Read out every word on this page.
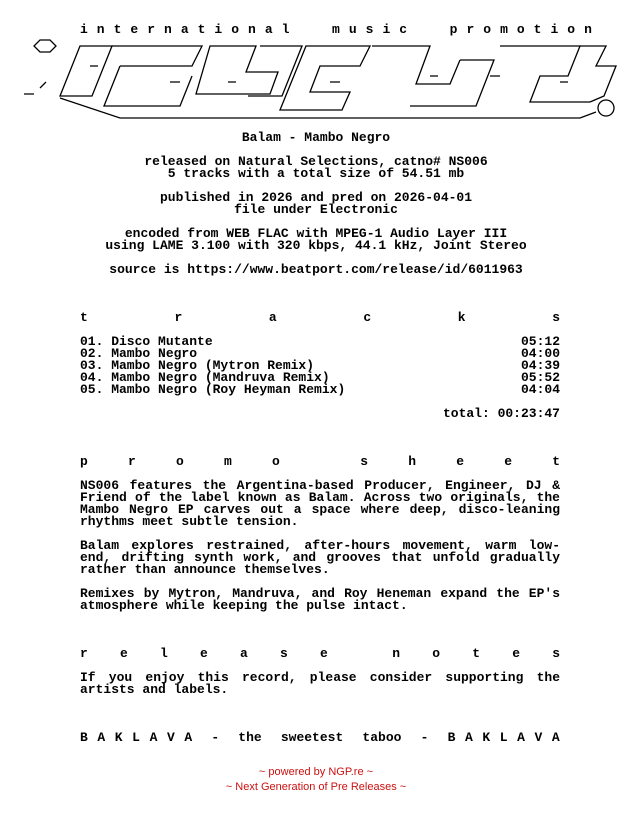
i n t e r n a t i o n a l     m u s i c     p r o m o t i o n
baklava
Balam - Mambo Negro
released on Natural Selections, catno# NS006
5 tracks with a total size of 54.51 mb
published in 2026 and pred on 2026-04-01
file under Electronic
encoded from WEB FLAC with MPEG-1 Audio Layer III
using LAME 3.100 with 320 kbps, 44.1 kHz, Joint Stereo
source is https://www.beatport.com/release/id/6011963
t	r	a	c	k	s
01. Disco Mutante	05:12
02. Mambo Negro	04:00
03. Mambo Negro (Mytron Remix)	04:39
04. Mambo Negro (Mandruva Remix)	05:52
05. Mambo Negro (Roy Heyman Remix)	04:04
total: 00:23:47
p	r	o	m	o	s	h	e	e	t
NS006 features the Argentina-based Producer, Engineer, DJ & Friend of the label known as Balam. Across two originals, the Mambo Negro EP carves out a space where deep, disco-leaning rhythms meet subtle tension.
Balam explores restrained, after-hours movement, warm low-end, drifting synth work, and grooves that unfold gradually rather than announce themselves.
Remixes by Mytron, Mandruva, and Roy Heneman expand the EP's atmosphere while keeping the pulse intact.
r e l e a s e	n o t e s
If you enjoy this record, please consider supporting the artists and labels.
B A K L A V A - the sweetest taboo - B A K L A V A
~ powered by NGP.re ~
~ Next Generation of Pre Releases ~
